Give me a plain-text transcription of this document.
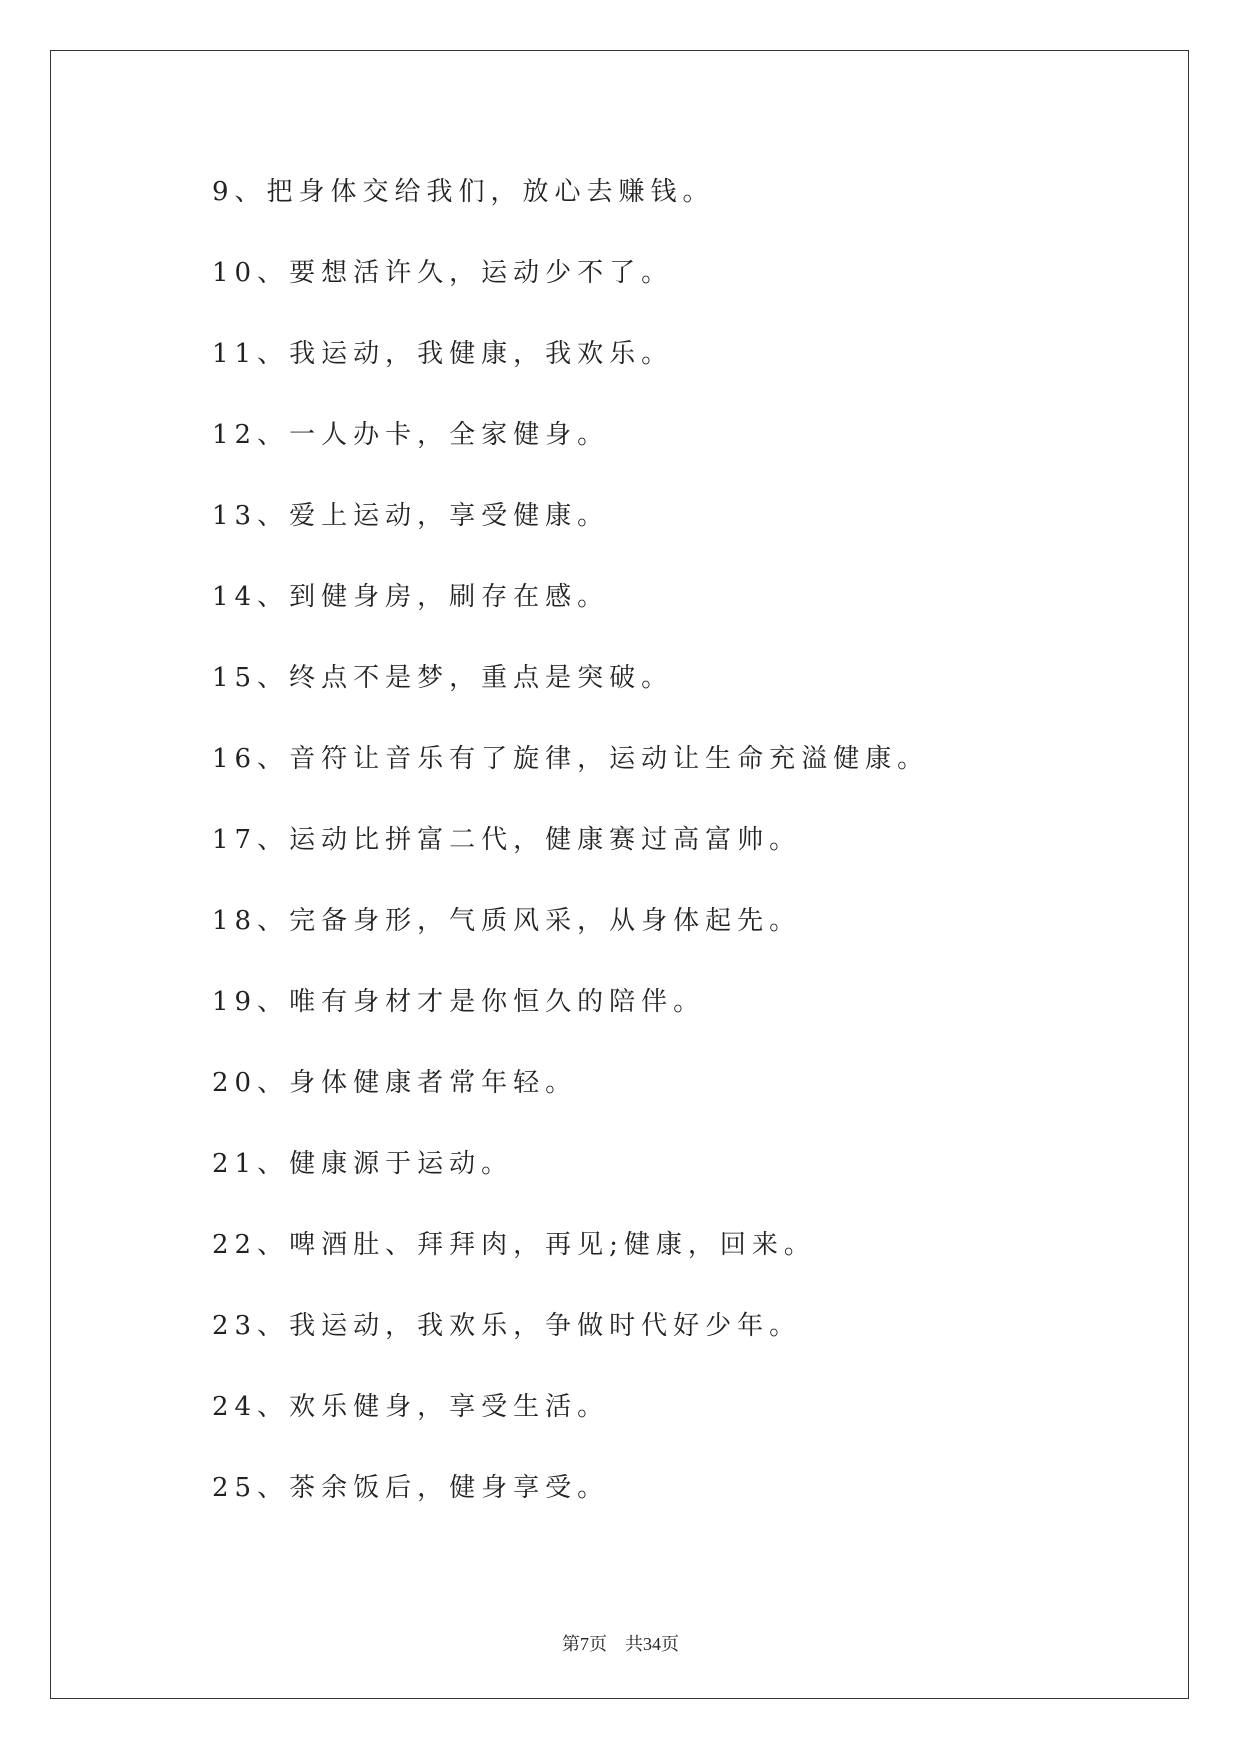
9、把身体交给我们，放心去赚钱。
10、要想活许久，运动少不了。
11、我运动，我健康，我欢乐。
12、一人办卡，全家健身。
13、爱上运动，享受健康。
14、到健身房，刷存在感。
15、终点不是梦，重点是突破。
16、音符让音乐有了旋律，运动让生命充溢健康。
17、运动比拼富二代，健康赛过高富帅。
18、完备身形，气质风采，从身体起先。
19、唯有身材才是你恒久的陪伴。
20、身体健康者常年轻。
21、健康源于运动。
22、啤酒肚、拜拜肉，再见;健康，回来。
23、我运动，我欢乐，争做时代好少年。
24、欢乐健身，享受生活。
25、茶余饭后，健身享受。
第7页 共34页
